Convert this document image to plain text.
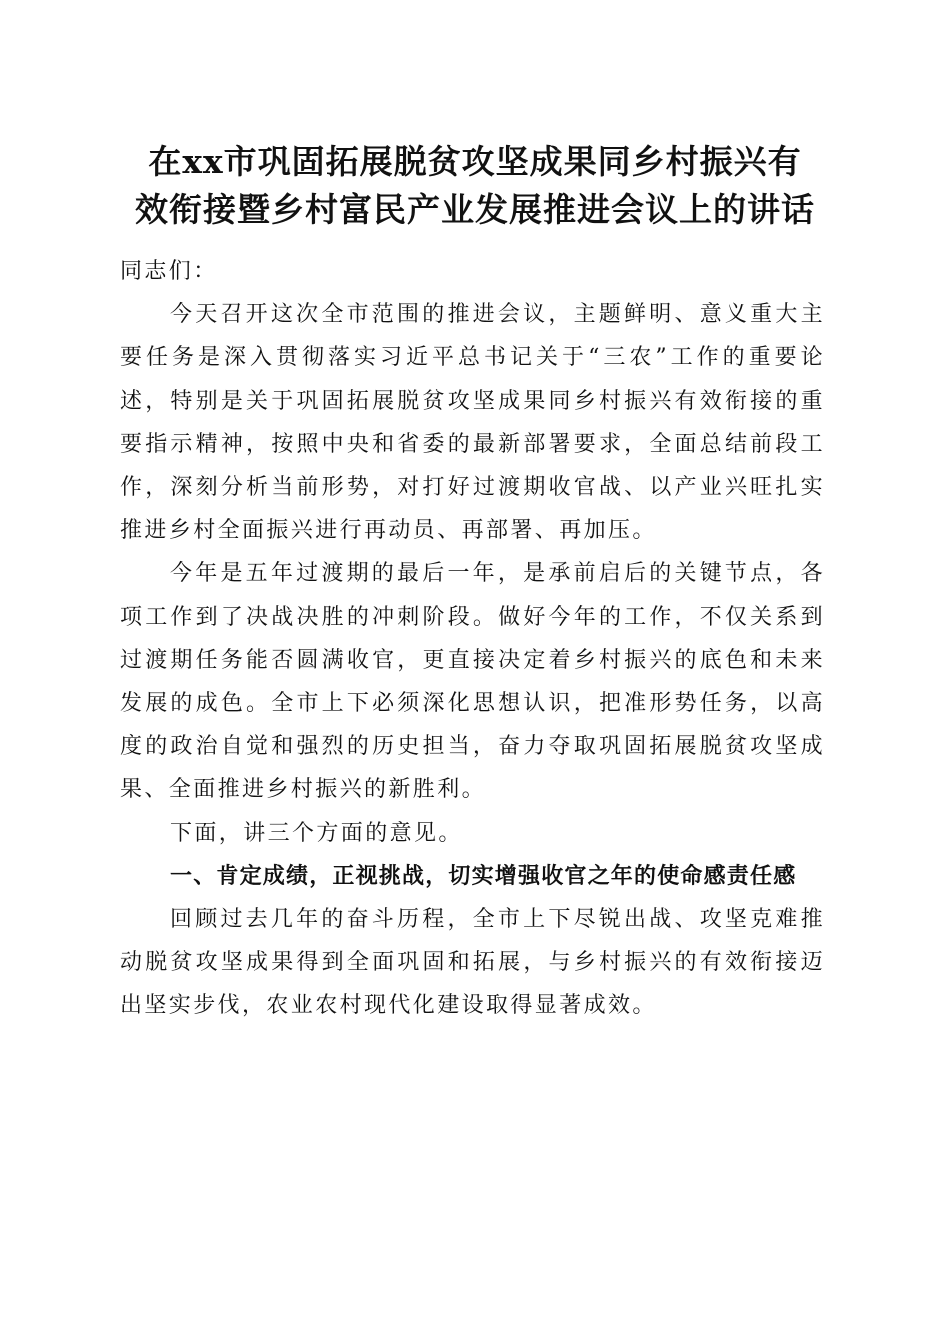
在xx市巩固拓展脱贫攻坚成果同乡村振兴有
效衔接暨乡村富民产业发展推进会议上的讲话

同志们：

今天召开这次全市范围的推进会议，主题鲜明、意义重大主要任务是深入贯彻落实习近平总书记关于“三农”工作的重要论述，特别是关于巩固拓展脱贫攻坚成果同乡村振兴有效衔接的重要指示精神，按照中央和省委的最新部署要求，全面总结前段工作，深刻分析当前形势，对打好过渡期收官战、以产业兴旺扎实推进乡村全面振兴进行再动员、再部署、再加压。

今年是五年过渡期的最后一年，是承前启后的关键节点，各项工作到了决战决胜的冲刺阶段。做好今年的工作，不仅关系到过渡期任务能否圆满收官，更直接决定着乡村振兴的底色和未来发展的成色。全市上下必须深化思想认识，把准形势任务，以高度的政治自觉和强烈的历史担当，奋力夺取巩固拓展脱贫攻坚成果、全面推进乡村振兴的新胜利。

下面，讲三个方面的意见。

一、肯定成绩，正视挑战，切实增强收官之年的使命感责任感

回顾过去几年的奋斗历程，全市上下尽锐出战、攻坚克难推动脱贫攻坚成果得到全面巩固和拓展，与乡村振兴的有效衔接迈出坚实步伐，农业农村现代化建设取得显著成效。
